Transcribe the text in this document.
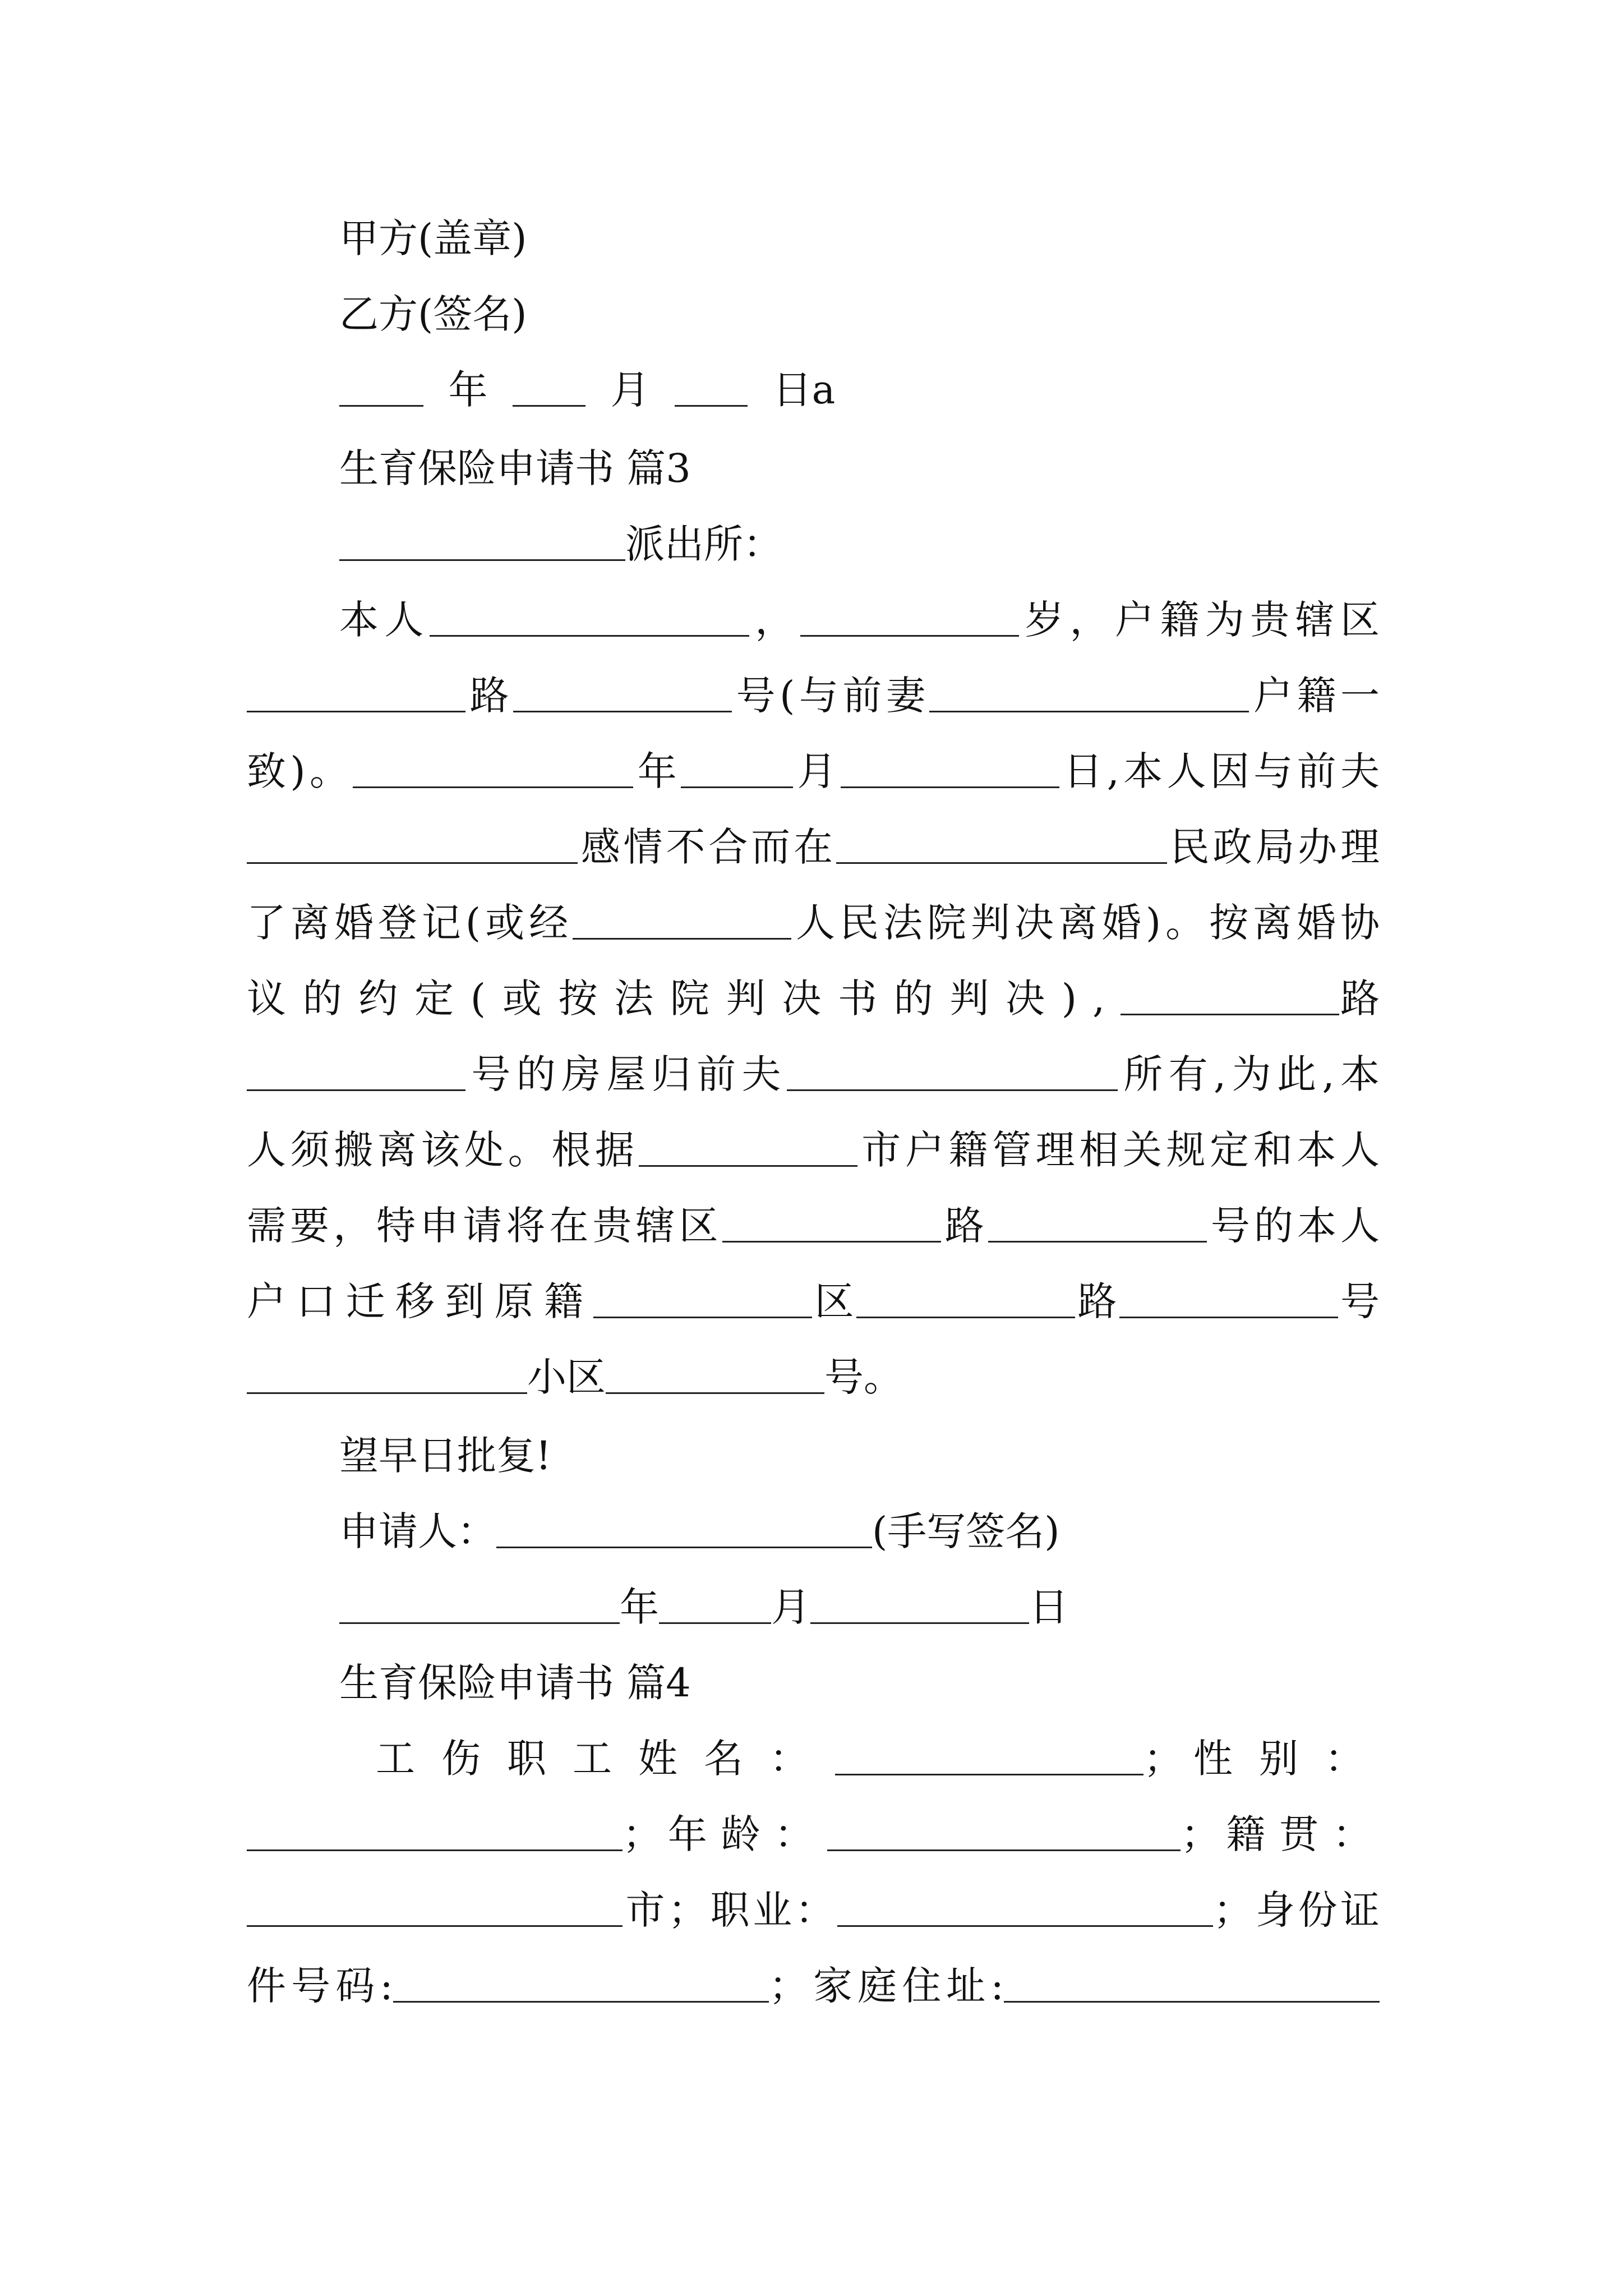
甲方(盖章)
乙方(签名)
年	月	日a
生育保险申请书 篇3
派出所：
本人	，	岁，户籍为贵辖区
路	号(与前妻	户籍一
致)。	年	月	日,本人因与前夫
感情不合而在	民政局办理
了离婚登记(或经	人民法院判决离婚)。按离婚协
议的约定(或按法院判决书的判决),	路
号的房屋归前夫	所有,为此,本
人须搬离该处。根据	市户籍管理相关规定和本人
需要，特申请将在贵辖区	路	号的本人
户口迁移到原籍	区	路	号
小区	号。
望早日批复!
申请人：	(手写签名)
年	月	日
生育保险申请书 篇4
工伤职工姓名：	；性别：
；年龄：	；籍贯：
市；职业：	；身份证
件号码:	；家庭住址:
